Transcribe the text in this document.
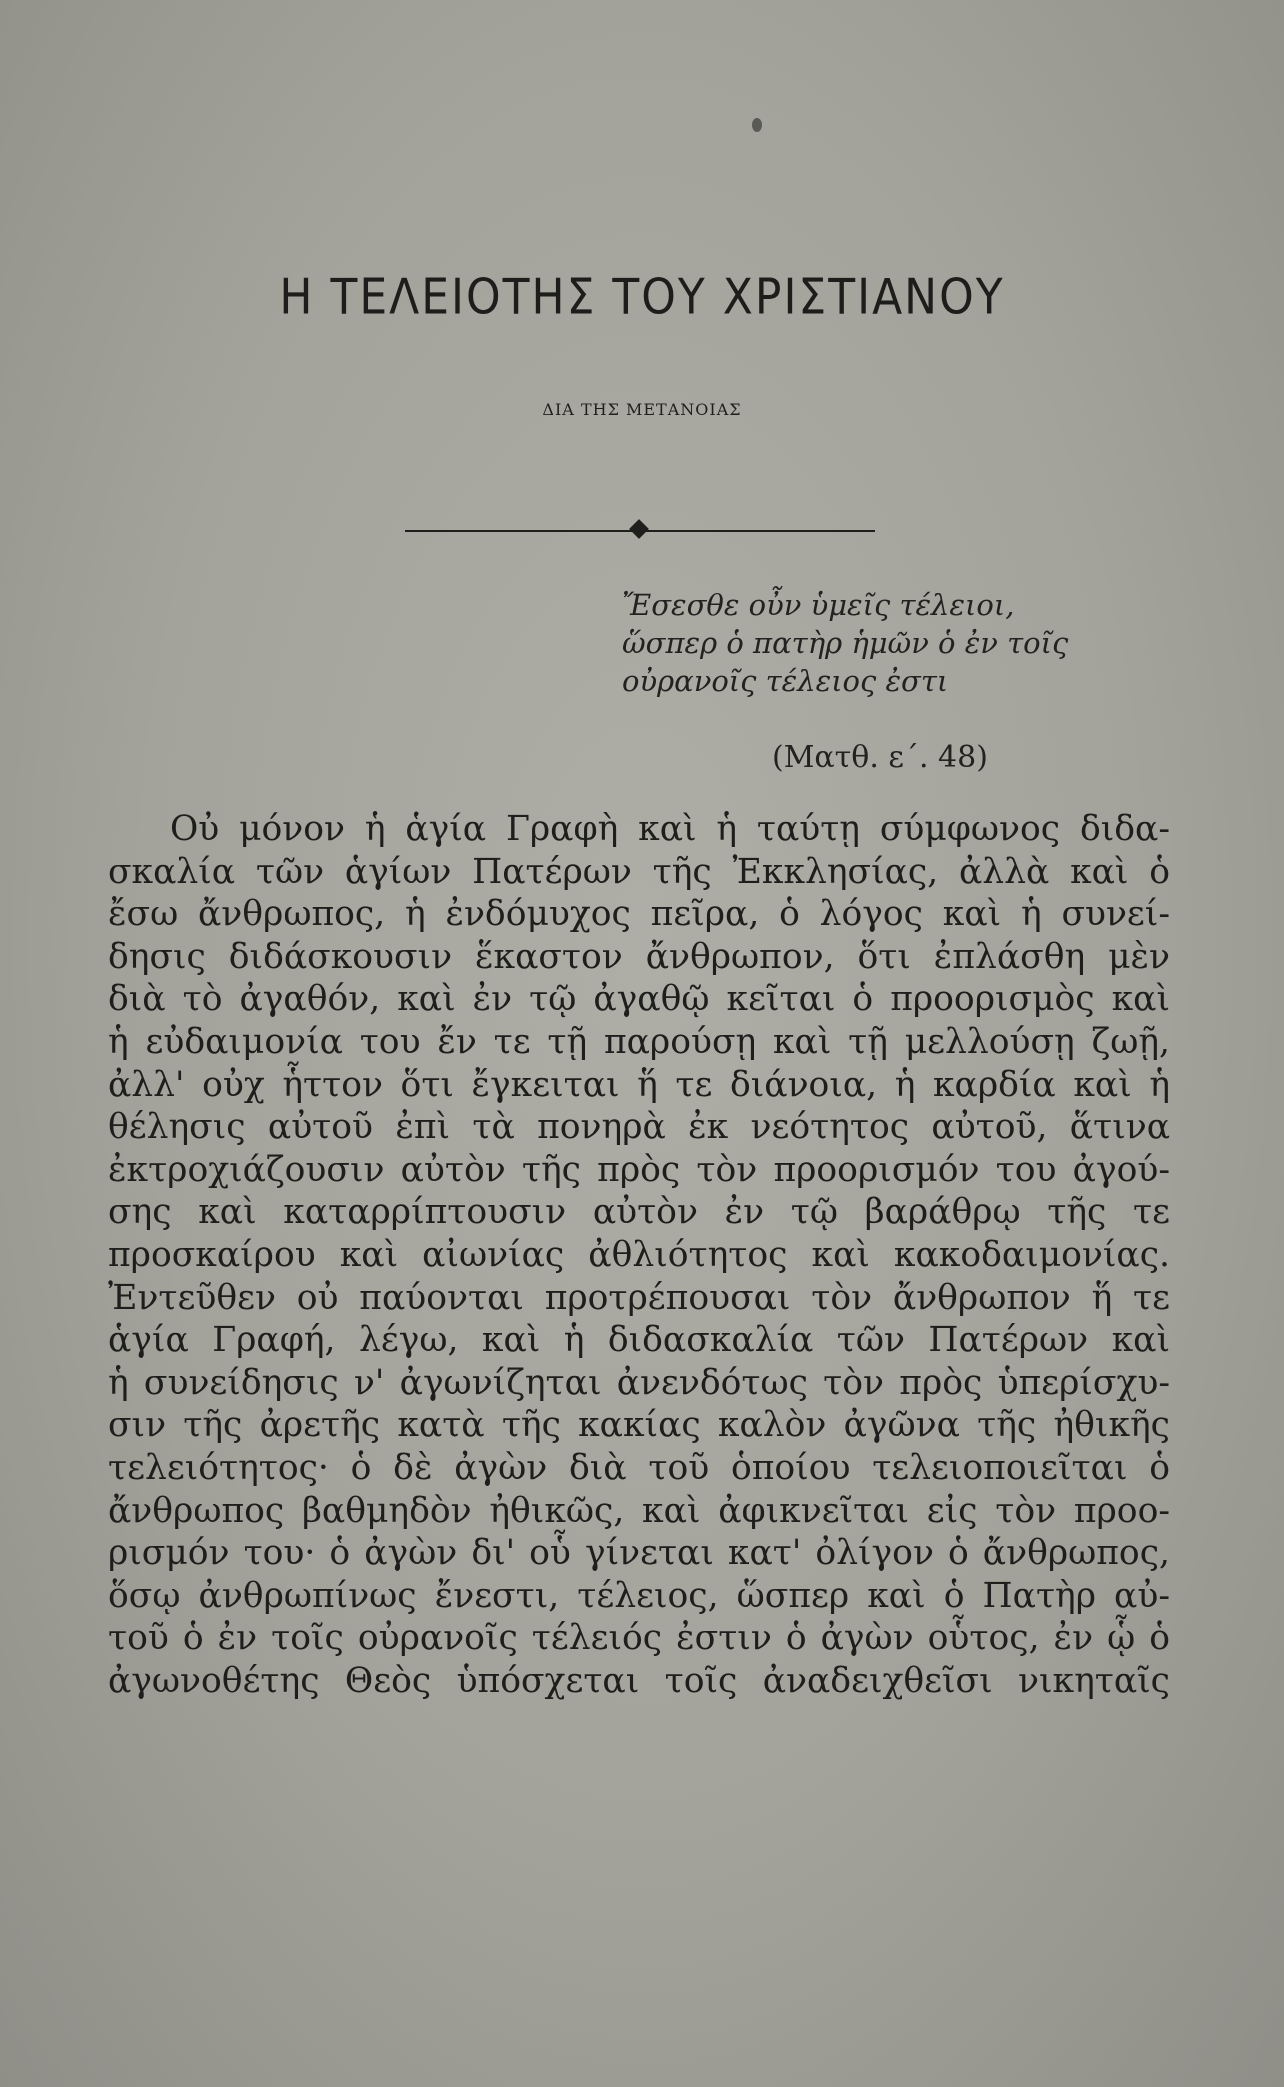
Η ΤΕΛΕΙΟΤΗΣ ΤΟΥ ΧΡΙΣΤΙΑΝΟΥ
ΔΙΑ ΤΗΣ ΜΕΤΑΝΟΙΑΣ
Ἔσεσθε οὖν ὑμεῖς τέλειοι,
ὥσπερ ὁ πατὴρ ἡμῶν ὁ ἐν τοῖς
οὐρανοῖς τέλειος ἐστι
(Ματθ. ε΄. 48)
Οὐ μόνον ἡ ἁγία Γραφὴ καὶ ἡ ταύτῃ σύμφωνος διδα-
σκαλία τῶν ἁγίων Πατέρων τῆς Ἐκκλησίας, ἀλλὰ καὶ ὁ
ἔσω ἄνθρωπος, ἡ ἐνδόμυχος πεῖρα, ὁ λόγος καὶ ἡ συνεί-
δησις διδάσκουσιν ἕκαστον ἄνθρωπον, ὅτι ἐπλάσθη μὲν
διὰ τὸ ἀγαθόν, καὶ ἐν τῷ ἀγαθῷ κεῖται ὁ προορισμὸς καὶ
ἡ εὐδαιμονία του ἔν τε τῇ παρούσῃ καὶ τῇ μελλούσῃ ζωῇ,
ἀλλ' οὐχ ἧττον ὅτι ἔγκειται ἥ τε διάνοια, ἡ καρδία καὶ ἡ
θέλησις αὐτοῦ ἐπὶ τὰ πονηρὰ ἐκ νεότητος αὐτοῦ, ἅτινα
ἐκτροχιάζουσιν αὐτὸν τῆς πρὸς τὸν προορισμόν του ἀγού-
σης καὶ καταρρίπτουσιν αὐτὸν ἐν τῷ βαράθρῳ τῆς τε
προσκαίρου καὶ αἰωνίας ἀθλιότητος καὶ κακοδαιμονίας.
Ἐντεῦθεν οὐ παύονται προτρέπουσαι τὸν ἄνθρωπον ἥ τε
ἁγία Γραφή, λέγω, καὶ ἡ διδασκαλία τῶν Πατέρων καὶ
ἡ συνείδησις ν' ἀγωνίζηται ἀνενδότως τὸν πρὸς ὑπερίσχυ-
σιν τῆς ἀρετῆς κατὰ τῆς κακίας καλὸν ἀγῶνα τῆς ἠθικῆς
τελειότητος· ὁ δὲ ἀγὼν διὰ τοῦ ὁποίου τελειοποιεῖται ὁ
ἄνθρωπος βαθμηδὸν ἠθικῶς, καὶ ἀφικνεῖται εἰς τὸν προο-
ρισμόν του· ὁ ἀγὼν δι' οὗ γίνεται κατ' ὀλίγον ὁ ἄνθρωπος,
ὅσῳ ἀνθρωπίνως ἔνεστι, τέλειος, ὥσπερ καὶ ὁ Πατὴρ αὐ-
τοῦ ὁ ἐν τοῖς οὐρανοῖς τέλειός ἐστιν ὁ ἀγὼν οὗτος, ἐν ᾧ ὁ
ἀγωνοθέτης Θεὸς ὑπόσχεται τοῖς ἀναδειχθεῖσι νικηταῖς
